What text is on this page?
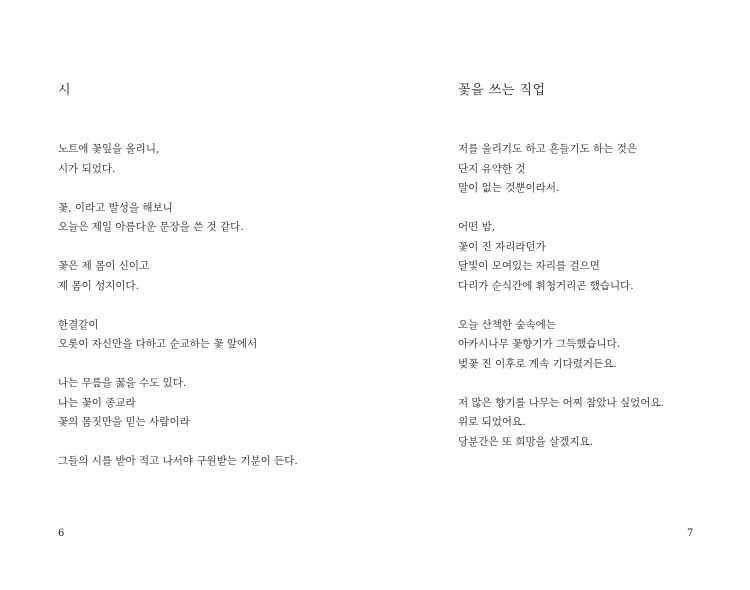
시
노트에 꽃잎을 올리니,
시가 되었다.
꽃, 이라고 발성을 해보니
오늘은 제일 아름다운 문장을 쓴 것 같다.
꽃은 제 몸이 신이고
제 몸이 성지이다.
한결같이
오롯이 자신만을 다하고 순교하는 꽃 앞에서
나는 무릎을 꿇을 수도 있다.
나는 꽃이 종교라
꽃의 몸짓만을 믿는 사람이라
그들의 시를 받아 적고 나서야 구원받는 기분이 든다.
6
꽃을 쓰는 직업
저를 울리기도 하고 흔들기도 하는 것은
단지 유약한 것
말이 없는 것뿐이라서.
어떤 밤,
꽃이 진 자리라던가
달빛이 모여있는 자리를 걸으면
다리가 순식간에 휘청거리곤 했습니다.
오늘 산책한 숲속에는
아카시나무 꽃향기가 그득했습니다.
벚꽃 진 이후로 계속 기다렸거든요.
저 많은 향기를 나무는 어찌 참았나 싶었어요.
위로 되었어요.
당분간은 또 희망을 살겠지요.
7
